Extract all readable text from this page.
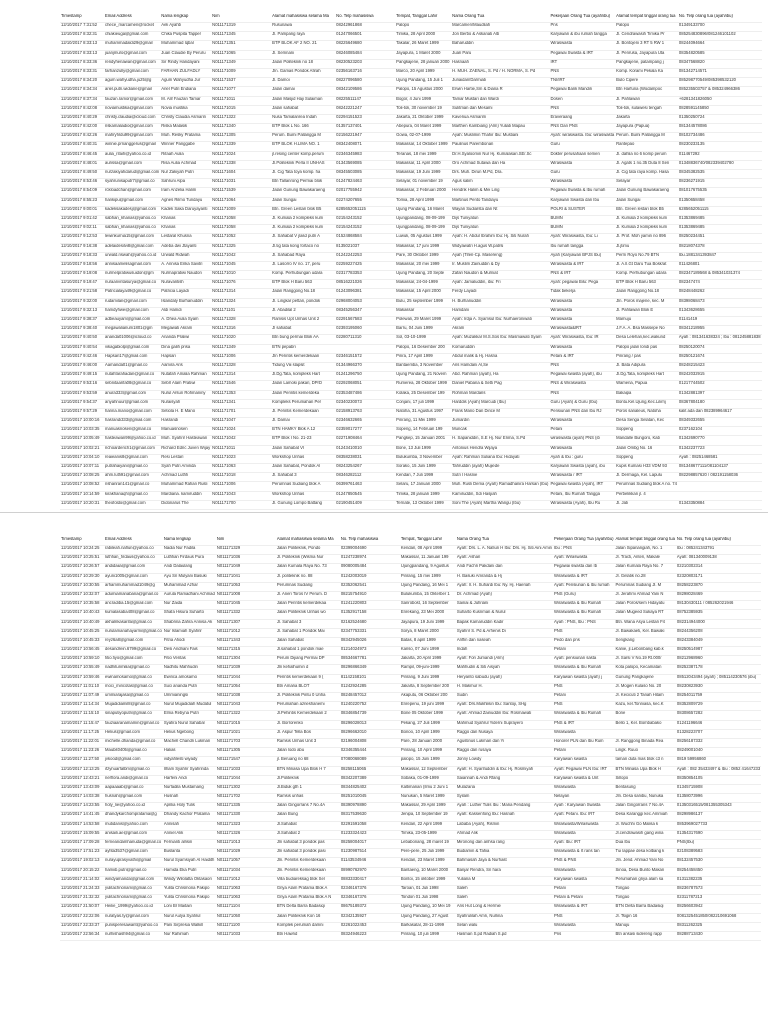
Timestamp	Email Address	Nama lengkap	Nim	Alamat mahasiswa selama Ma	No. Telp mahasiswa	Tempat, Tanggal Lahir	Nama Orang Tua	Pekerjaan Orang Tua (ayah/ibu)	Alamat tempat tinggal orang tua	No. Telp orang tua (ayah/ibu)
12/10/2017 7:31:52	chece_marcamen@rocket	Aeli Ayahb	N011171319	Rusunawa	08242961868	Palopo	Marcamen/Maudliah	Pns	Palopo	01349133700
12/10/2017 8:32:31	chiakieuga@gmail.com	Chika Puspita Tapper	N011171345	Jl. Pampang raya	01247066501	Timika, 28 April 2000	Jon Berbo & Askanati Alb	Karyawan & ibu rumah tangga	Jl. Cendrawasih Timika Pr	085254830896/081246101102
12/10/2017 8:33:13	muhammadaldi29@gmail	Muhammad Iqbal	N011171351	BTP BLOK AF 2 NO. 21	08225649680	Takalar, 26 Maret 1999	Baharuddin	Wiraswasta	Jl. Bontojeni 3 RT 5 RW 1	08244094664
12/10/2017 8:33:13	juanjmuro@gmail.com	Juan Claudie By Peruru	N011171065	Jl. Semnani	08246085484	Jayapura, 1 Maret 2000	Juari Paru	Pegawai Swasta & IRT	Jl. Penrusa, Jayapura Uta	08354820585
12/10/2017 8:33:36	rendyheriawan@gmail.com	Sir Rindy Handayani	N011171349	Jalan Politeknik no 18	08230523203	Pangkajene, 28 januari 2000	Hasnaah	IRT	Pangkajene, patampang j	08347568820
12/10/2017 8:33:31	farhanzully@gmail.com	FARHAN ZULFADLY	N011171009	Jln. Gamas Pondok Afirah	02356163716	Marco, 20 April 1999	H. MUH. ZAENAL, S. Pd / H. NORMA, S. Pd	PNS	Komp. Korami Pekala Ka	081342714571
12/10/2017 8:34:20	agum.wahyudha.ju25@g	Agum Wahyudha Jur	N011171537	Jl. Damoi	08227096580	Ujung Pandang, 15 Juli 1	Junaidan/Darmiati	TNI/IRT	Bulo Cipere	085298770549/085398532120
12/10/2017 8:34:34	ariel.putri.widiane@gmail	Ariel Putri Endiana	N011171077	Jalan damai	08342109586	Palopo, 15 Agustus 2000	Erwin Hartie,Sm & Diana R	Pegawai Bank Mandiri	Btn Harfuna (Wodampoc	085235503757 & 085324966386
12/10/2017 8:37:34	fauzan.ramor@gmail.com	M. Alif Fauzan Tamar	N011171011	Jalan Masjid Haji Sulaiman	08225511147	Bogor, 4 Juni 1999	Tamar Mustari dan Wardi	Dosen	Jl. Pahlawan	+6281341826050
12/10/2017 8:42:08	noviamustika@gmail.com	Novia mustika	N011171015	Jalan sahabat	08242221247	Toli-toli, 30 november 19	Sulitman dan Mesami	PNS	Toli-toli, sulawesi tengah	0828591145850
12/10/2017 8:40:29	christy.claudia@icloud.com	Christy Claudia Asmarin	N011171322	Nusa Tamalanrea Indah	02294151523	Jakarta, 21 Oktober 1999	Kaveriua Asmarim	Eraveraang	Jakarta	01350250724
12/10/2017 8:42:00	riskamaliadio@gmail.com	Riska Malasik	N011171340	BTP Blok L No. 166	01357137401	Abepura, 04 Maret 1999	Marthen Kambiang (Alm) Yuliati Mapau	PNS Dan PNS	Jayapura (Papua)	081344578086
12/10/2017 8:42:26	mahryfirdu99@gmail.com	Muh. Resky Pratama	N011171305	Perum. Bumi Pallangga M	02156221947	Gowa, 02-07-1999	Ayah: Muslimin Thahir Ibu: Mustiani	Ayah: wiraswasta. Ibu: wiraswasta	Perum. Bumi Pallangga M	08102734486
12/10/2017 8:40:31	winnie.prnanggerus@gmail	Winner Panggabe	N011171339	BTP BLOK H.LIMA NO. 1	08342408071	Makassar, 14 Oktober 1999	Paulinus Parembonan	Guru	Rantepao	08230233135
12/10/2017 8:46:45	aulia_rifaih@yahoo.co.id	Rifaah Aulia	N011171024	jl.resing center komp.perum	02346345983	Teranas, 18 mei 1999	Dr.H.Syaloomin Nur Hj. Kumalasari.SE/.Sc	Dokter perusahaan semen	Jl. dahlia no 6 komp perum	011467292
12/10/2017 8:48:01	aurissa@gmail.com	Risa Aulia Achmad	N011171338	Jl.Politeknik Perla II UNHAS	01343569085	Makassar, 11 April 2000	Oro Achmad Sutawa dan Ha	Wiraswasta	Jl. Agats 1 no.35 Duta 8 Sen	01348836740/082339402780
12/10/2017 8:49:50	nurzakiyahdarud@gmail.com	Nur Zakiyah Putri	N011171604	Jl. Cig Tata toya komp. ha	08345503085	Makassar, 19 Juni 1999	Drs. Muh. Dirun M.Pd, Dra.	Guru	Jl. Cig tata raya komp. Hasa	08345382535
12/10/2017 8:53:46	syahrunisaputr7@gmail.co	Sahruni Alpa	N011171031	Btn Tallanrong Permai blok	01247824463	Selayar, 01 november 19	Agus salim	Wiraswasta	Selayar	08236271915
12/10/2017 8:54:09	rckloadchan@gmail.com	Iram Anzelia Halim	N011171539	Jalan Gunung Bawakaraeng	02017755942	Makassar, 2 Februari 2000	Hendrik Halim & Mei Ling	Pegawai Swasta & Ibu rumah	Jalan Gunung Bawakaraeng	081017675535
12/10/2017 8:55:23	hankipu@gmail.com	Agnes Rilmo Tundayu	N011171064	Jalan Sungai	02274207655	Tomia, 28 April 1999	Martinus Pento Tandiayu	Karyawan Swasta dan Ibu	Jalan Sungai	01350658458
12/10/2017 9:00:01	kadeksakadesj@gmail.com	Kadek Saka Daruyayanti	N011171009	Btn. Green Lestari blok B5	6285652051115	Ujung Pandang, 16 Maret	Wayan Sudiarsta dan Nt	POLRI & SUSTER	Btn. Green lestari blok B5	6285652051115
12/10/2017 9:01:42	sabhan_khanas@yahoo.co	Khanas	N011171058	Jl. Kumala 2 kompleks kum	02154243152	Ujungpandang, 08-09-199	Dijs Tuniyatun	BUMN	Jl. Kumala 2 kompleks kum	01353869485
12/10/2017 9:02:11	sabhan_khanas@yahoo.co	Khanas	N011171058	Jl. Kumala 2 kompleks kum	02154243152	Ujungpandang, 08-09-199	Dijs Tuniyatun	BUMN	Jl. Kumala 2 kompleks kum	01353869485
12/10/2017 9:12:53	lewinkurnia15@gmail.com	Lestaral Khusna	N011171052	Jl. Sahabat V jlasd putri A	01524868584	Luwuk, 05 Agustus 1999	Ayah: H. Abdul Ibrahim Ibu: Hj. Siti Nurah	Ayah: Wiraswasta, Ibu: Li	Jl. Prof. Moh yamin no 896	08250234451
12/10/2017 9:16:38	adelaidesilvi8@gmail.com	Adeba dwi Jtayanti	N011171325	Jl.tig tata kong fortaco no	8135021037	Makassar, 17 juni 1999	Widyawatri H.agus W.patrsi	Ibu rumah tangga	Jl.jtimu	08218074378
12/10/2017 9:18:33	urwald.riswah@yahoo.co.id	Urwald Ridwah	N011171042	Jl. Sahabad Raya	01242242253	Pare, 30 Oktober 1999	Ayah (Tiferi-Cp. Masereng)	Ayah (Karyawan BPJS Ibu)	Perm Royo No.79 BTN	Ibu.1881341393847
12/10/2017 9:18:56	annisaamelisagmail.com	A. Annisa Erika Savitri	N011171045	Jl. Lasorro IV no. 17, peru	02259227425	Makassar, 20 mei 1999	Ir. Muslim Zainuddin & Dy	Wiraswasta & IRT	Jl. A.lI.Gt Daru Tua Bosk/at	011426801
12/10/2017 9:19:08	nurmelpratiwusuidon@gm	Nurmapratiwi Naudon	N011171010	Komp. Perhubungan udara	02317783353	Ujung Pandang, 20 Septe	Zafari Naudon & Murniat	PNS & IRT	Komp. Perhubungan udara	082347189568 & 085341031374
12/10/2017 9:19:47	nuraanvntasurya@gmail.co	Nuravantish	N011171076	BTP Blok H Baru 563	08516221026	Makassar, 24-04-1999	Ayah: Jamaluddin, ibu: Fri	Ayah: pegawai Bilu: Pega	BTP Blok H Baru 563	082347474
12/10/2017 9:21:58	Patricialaya49@gmail.co	Patricia Layadi	N011171314	Jalan Ranggong No.18	01243096381	Makassar, 15 April 2000	Ferdy Layadi	Tidak bekerja	Jalan Ranggong No.18	08248448262
12/10/2017 9:32:00	rudamilan@gmail.com	Islandaly Burhanuddin	N011171324	Jl. Lingkar pettan, pondok	02968004053	Bulu, 25 september 1999	H. Burhanuddin	Wiraswasta	Jln. Poros majene, kec. M	08398068473
12/10/2017 9:32:13	hamdyhwe@gmail.com	Aldi Hamdi	N011171101	Jl. Abadilal 2	08345256347	Makassar	Hamdani	Wiraswasta	Jl. Pahlawan Blok E	01343628655
12/10/2017 9:38:37	adbeauyam@gmail.com	A. Dhea Aulia Syam	N011171328	Ramsis Upt Unhas Unit 2	02291567583	Polewali, 29 Maret 1999	Ayah: Irdja A. Syamsul Ibu: Nurhaeroniwati	Wiraswasta	Mamuju	01141419
12/10/2017 9:38:40	megawalianum1801@gm	Megawati Akram	N011171316	Jl sahabat	02393195060	Barru, 04 Juni 1999	Akram	Wiraswasta&IRT	J.F.A. A. Bsa Massepe No	08341218955
12/10/2017 9:40:50	ananda01006@icloud.co	Ananda Praliwi	N011171020	Btn bung permai Blok AA	02280711310	Sol, 03-10-1999	Ayah: Muzakkar M.S.Sos Ibu: Masmawati Syam	Ayah: Wiraswasta, Ibu: IR	Desa Lelehan,kec.wakund	Ayah : 081341638324 ; Ibu : 081245881838
12/10/2017 9:40:54	vikagabiolp@gmail.com	Dina galih prisa	N011171349	BTN pepabri		Palopo, 16 Desember 200	Komaruddin	Wiraswasta	Palopo jalan londi pas	08250120074
12/10/2017 9:42:46	Hapsari17@gmail.com	Hapsari	N011171006	Jln Perintis kemerdekaan	02346151572	Pinra, 17 April 1999	Abdul malik & Hj. Hasna	Petani & IRT	Pinrang / pas	08250121674
12/10/2017 9:46:00	Aamanda01@gmail.co	Aamira Aris	N011171328	Tidung Viii slapsit	01344966370	Bantaemba, 3 November	Aris Hamdani Al,Se	PNS	Jl. Bata Adipura	08248215423
12/10/2017 9:49:15	nutahfarahadan@gmail.co	Nutafah Amalia Rahman	N011171314	Jl.Dg.Tata, kompleks Hart	01241296750	Ujung Pandang, 21 Novem	Abd. Rahman (ayah), Ha	Pegawai swasta (ayah), ibu	Jl.Dg.Tata, kompleks Hart	08242032915
12/10/2017 9:53:16	sebnitaarifa08@gmail.co	Sebrl Alam Pratiwi	N011171546	Jalan Lamoki pakari, DPrD	02292068051	Rumerea, 28 Oktober 1999	Daniel Pabana & Setti Pag	PNS & Wiraswasta	Wamena, Papua	01217744502
12/10/2017 9:53:59	anura333@gmail.com	Nurul Arsun Rohmaniny	N011171353	Jalan Perintis kemerdeka	02353487486	Kolaka, 25 Desember 199	Rohman Mardaris	PNS	Bakaipa	01342881397
12/10/2017 9:54:37	anyahnuur@gmail.com	Nuraisyah	N011171341	Kompleks Perumahan Per	02340230073	Conjani, 17 juli 1999	Harddis (Ayah) Marcudi (Ibu)	Guru (Ayah) & Guru (Ibu)	Bontu.Kel.Ujung,Kec.Lilirrij	08367804180
12/10/2017 9:57:29	hanna.mano@gmail.com	Setiola H. E Mano	N011171701	Jl. Perintis Kemerdekaan	02158913763	Natoha, 31 Agustus 1997	Frans Mano Dan Dince M	Pensiunan PNS dan Ibu RJ	Poros sanaleus, Natoha	kalit ada dan 082389964617
12/10/2017 10:00:16	hasrandi333@gmail.com	Hasrandi	N011171047	Jl. Damai	02346632665	Pinrang, 11 Mei 1999	Jumardin	Wiraswasta	Desa Senga Selatan, Kec	08349332655
12/10/2017 10:03:35	manuasnosen@gmail.co	Manuasnosen	N011171024	BTN HAMKY Blok A 12	02359017277	Sopeng, 14 Februari 199	Muncak	Petani	Soppeng	0237162104
12/10/2017 10:05:49	hasteawan99@yahoo.co.id	Muh. Syahrir Hasteawan	N011171042	BTP Blok I No. 21-23	02271908464	Pangkep, 15 Januari 2001	H. Sapaniddin, S.E Hj. Nur Erima, S.Pd	wiraswasta (ayah) PNS (ib	Mandalle Bungoro, Kab	01342690770
12/10/2017 10:02:21	richoarderich1@gmail.com	Richard Edric Juven Wijay	N011171011	Jalan Sahabat VI	01243410010	Bone, 13 Juli 1999	Antonius Hendra Wijaya	Wiraswasta	Jalan Ombg No. 16	01342237723
12/10/2017 10:04:10	reaieanis8@gmail.com	Resi Lestari	N011171023	Workshop Unhas	08358238031	Bulukumba, 3 November	Ayah: Rahman Suliana Ibu: Hidayati	Ayah & Ibu : guru	Soppeng	Ayah : 08251468581
12/10/2017 10:07:11	putrahaiyani@gmail.co	Syah Putri Aminda	N011171063	Jalan Sahabat, Pondok Al	08243254267	Sorako, 15 Juni 1999	Tahruddin (ayah) Mujiede	Karyawan Swasta (ayah), ibu	Kupis Kumasi H33 VDM 93	081348677111/081104137
12/10/2017 10:08:25	ahm.lutfi91@gmail.com	Achmad Luthfi	N011171018	Jl. Sahabat 3	08346282112	Kendari, 7 Juli 1999	Sutri I Hasnie	Wiraswasta / IRT	Jl. Dermaga, Kel. Lapulu	082298857620 / 082191158036
12/10/2017 10:08:52	nshanran141@gmail.co	Muhammad Rahan Rusli	N011171006	Perumnas Sudiang blok A	06399761463	Selaru, 17 Januari 2000	Muh. Rusli Dema (Ayah) Ramadhanira Harsan (Ibu)	Pegawai swasta (Ayah), IRT	Perumnas Sudiang blok A no. 74	
12/10/2017 10:14:59	kirakhanaqh@gmail.co	Mardiana. kamiruddin	N011171043	Workshop Unhas	01247850545	Timika, 28 januari 1999	Kamiruddin, Sdi Hasjiah	Petani, Ibu Rumah Tangga	Perbelikkan jl. 4	
12/10/2017 10:20:31	theofoldo@gmail.com	Didonarus The	N011171700	Jl. Gunung Lompo Battang	02190451409	Ternate, 13 Oktober 1999	Soni The (Ayah) Martha Wangu (Ibu)	Wiraswasta (Ayah), Ibu Ru	Jl. Jati	01343350884
Timestamp	Email Address	Nama lengkap	Nim	Alamat mahasiswa selama Ma	No. Telp mahasiswa	Tempat, Tanggal Lahir	Nama Orang Tua	Pekerjaan Orang Tua (ayah/ibu)	Alamat tempat tinggal orang tua	No. Telp orang tua (ayah/ibu)
12/10/2017 10:24:25	rabileah.naflun@yahoo.co	Nadia Nur Fadila	N011171329	Jalan Politeknik, Pondo	02399004690	Kendari, 08 April 1999	Ayah: Drs. L. A. Nafiun H Ibu: Drs. Hj. Siti Aini Amin	Ibu : PNS	Jalan Sipanangiah, No. 1	Ibu : 085241343791
12/10/2017 10:25:51	luthfian_firdaus@yahoo.co	Luthfian Firdaus Pura	N011171036	Jl. Politeknik (Wisma Nur	01247238974	Makassar, 11 Januari 199	Ayah: Ashari	Ayah: Wiraswasta	Jl. Tracti, Anteri, Makale	Ayah: 081340009138
12/10/2017 10:26:57	andidaiia@gmail.com	Andi Dalaulang	N011171049	Jalan Kumala Raya No. 73	09080005484	Ujungpandang, 9 Agustus	Andi Fachri Pakdani dan	Pegawai swasta dan Ib	Jalan Kumala Raya No. 7	02210302314
12/10/2017 10:29:30	ayuni1005@gmail.com	Ayu Sri Mulyani Basuki	N011171041	Jl. politeknik no. 88	01242003019	Pinrang, 15 mei 1999	H. Basuki Amranda & Hj	Wiraswasta & IRT	Jl. Gelatik no.28	02320803171
12/10/2017 10:30:55	arhammuhammad1049@g	Muhammad Azhar	N011171053	Perumnas Sudiang	02352062541	Ujung Pandang, 16 Mei 1	Ayah: Ir. H. Suhardi Ibu: Ny. Hj. Haeriah	Ayah: Pensiunan & Ibu rumah	Perumnas Sudiang Jl. M	08258223870
12/10/2017 10:32:07	adumiamanabana@gmail.co	Aurula Ramadhani Achmad	N011171008	Jl. Aneri Toros IV Perum. D	08215754910	Bulukumba, 15 Okterber 1	Dr. Achmad (Ayah)	PNS (Guru)	Jl. Jerahmi Ahmad Yani N	08298028469
12/10/2017 10:35:58	ancradiba.15@gmail.com	Nur Zaida	N011171045	Jalan Perintis kemerdekaa	01241220803	Sanrobost, 16 September	Sainai & Juhriani	Wiraswasta & Ibu Rumah	Jalan Poros/sem Hidayatu	08130430111 / 085262021946
12/10/2017 10:40:43	kumalasaba408@gmail.co	Shafa Hisura Suharto	N011171332	Jalan Politeknik Unhas wo	01352917158	Enrekang, 23 Mei 2000	Suharto Kusnman & Nurul	Wiraswasta & Ibu Rumah	Jalan Mugeed Sukaya RT	08752385935
12/10/2017 10:40:49	akhalrikasarifa@gmail.co	Shabrina Zahra Annisa Ak	N011171307	Jl. Sahabat 3	02162524680	Jayapura, 19 Juni 1999	Bapak Kamaruddin Kadir	Ayah : PNS, Ibu : PNS	Btn. Wana Asya Lestari Fit	082314944000
12/10/2017 10:45:25	nurulamanahayarmi@gmail.co	Nur Islamiah Syahrir	N011171012	Jl. Sahabat 1 Pondok Mai	02347753331	Sorya, 8 Maret 2000	Syahrir S. Pd & Arhenis Di	PNS	Jl. Bawakaeti, Kel. Bawaki	08244356208
12/10/2017 10:45:33	reyz6a8@gmail.com	Fitria Afiodi	N011171343	Jalan Sahabat	08342945026	Batas, 8 april 1999	Ariffin dan naseah	Pedo dan pns	Sengkang	08243384049
12/10/2017 10:56:45	desandrein.6799@gmail.co	Desi Andriani Fais	N011171315	Jl.sahabat 1 pondok mae	01214024973	Kariso, 07 Juni 1999	Indah	Petani	Kanie, jl.Lebonbang kab.k	08250514987
12/10/2017 10:59:10	fitio.fiyo@gmail.com	Fitio Veritas	N011171304	Perum Dijiang Permai DP	08534667781	Jakarta, 20 April 1999	Ayah: Fori Jumandi (Alm)	Ayah: pensiunan sasta	Jl. Sarsi V No.19 Rt.000/	08212968960
12/10/2017 10:55:49	nadhitunmilia@gmail.co	Nadhitu Mahhudin	N011171039	Jln kehalhumin d	08296866349	Rampil, 09-juni-1999	Mahhudin & Siti Aisyah	Wiraswasta & Ibu Rumah	Kota palopo, Kecamatan	08252387178
12/10/2017 10:59:46	ewinamosamo@gmail.co	Ewinca amosamo	N011171044	Perintis kemerdekaan 9 (	81142158101	Pinrang, 9 Juni 1999	Heryanto sabudu (ayah)	Karyawan swasta (ayah) j	Gunung Pangkajene	08512043494 (ayah) ; 085114230576 (ibu)
12/10/2017 11:01:10	moci_mincotas@gmail.co	Suci ananda Putri	N011171054	Btn Amaria BLOT	01242924285	Jakarta, 8 September 200	H. Makmur H.	PNS	Jl. Mogen Kulaso No. 20	08230823930
12/10/2017 11:07:49	ummiarajasa@gmail.co	Ummianingsi	N011171038	Jl. Politeknik Pintu 0 Unha	08248457012	Akaputu, 06 Oktober 200	Sudin	Petani	Jl. Kecicuti 2 Tanah Hitam	08254011759
12/10/2017 11:14:34	Mujadidiamil8@gmail.co	Nurul Mujadidiah Mudatul	N011171043	Perumahan azrieshanemi	01240220752	Enrepenu, 19 juni 1999	Ayah: Drs.Mukhlisin Ibu: Santoji, SHg	PNS	Kazu, kel.Tonniasa, kec.K	08352809729
12/10/2017 11:15:10	sinaputiyoputri@gmail.co	Elma Rebyna Putri	N011171322	Jl.Pehintis Kemerdekaan 2	08346854739	Bone 05 Oktober 1999	Ayah: Ahmad Zainuddin Ibu: Rosmawati	Wiraswasta & Ibu Rumah	Bone	08308657282
12/10/2017 11:15:47	fauziaaranamamin@gmail.co	Syafira Nurul Sahabal	N011171015	Jl. Borrorenko	08296028013	Pekang, 27 Juli 1999	Mahmud Syahrul Yiderni Suprayero	PNS & IRT	Bello 1, Kel. Bombabako	01241196646
12/10/2017 11:17:25	Helius@gmail.com	Helius Ngebong	N011171021	Jl. Aspur Tella Bos	08296662010	Bonoo, 10 April 1999	Raggo dan Nusaya	Wiraswasta		01328223707
12/10/2017 11:22:01	michelle.dhanda@gmail.co	Machell Chandri Lukman	N011171703	Ramsis Unhas Unit 3	02196004808	Pare, 28 Januari 2000	Agustinus Lukman dan Yi	Honorer PLN dan Ibu Rum	Jl. Ranggong Binada Rea	08256187332
12/10/2017 11:23:26	Maubit0405@gmail.co	Halias	N011171305	Jalan lodo abu	02346355444	Pinrang, 10 April 1999	Raggo dan rusaya	Petani	Lingk. Ruuo	08249001040
12/10/2017 11:27:50	jvkood@gmail.com	vidyahlesti wiyady	N011171547	jl. Beruang no 68	07080068089	palopo, 15 Juni 1999	Jonny Lowdy	Karyawan swasta	taman duta mas blok c3 n	0819 59956860
12/10/2017 12:13:25	ifzynuarfalbm@gmail.co	Ilham Syahrir Syahrinda	N011171033	BTN Minasa Upa Blok H 7	08258115065	Makassar, 12 September	Ayah: H. Syarifuddin & Ibu: Hj. Rosmiyah	Ayah: Pegawai PLN Ibu: IRT	BTN Minasa Upa Blok H	Ayah : 082 35433497 & Ibu : 0852 41647233
12/10/2017 12:43:21	nerflora.andi@gmail.co	Harfeni Andi	N011171044	Jl.Politeknik	08342207389	Sobaka, 01-09-1999	Saiannah & Andi Rfang	Karyawan swasta & Unt	Sillopo	08350854105
12/10/2017 13:43:09	aapaaaab@gmail.co	Nurfadila Mustamang	N011171302	Jl.Biduk gth 1	08344825402	Kaltimanan (Ilmu 2 Juni 1	Mulazaria	Wiraswasta	Bentasung	01345715908
12/10/2017 14:03:38	husnah@gmail.com	Husnah	N011171702	Ramsis unhas	08251010045	Nunukan, 5 Maret 1999	Syilam	Nelayan	Jln. Desa sariibu, Nunuka	01358073996
12/10/2017 14:23:55	holy_lie@yahoo.co.id	Aprilia Holy Tulis	N011171335	Jalan Gingorrans 7 No.4A	08390978890	Makassar, 29 April 1999	Ayah : Luther Tulis Ibu : Maria Pendang	Ayah : Karyawan Swasta	Jalan Gingorrans 7 No.4A	01350316515/081355305343
12/10/2017 14:41:45	dhandykarchompratama@g	Dhandy Kachor Pratama	N011171330	Jalan Bung	08317539630	Jenipa, 10 September 19	Ayah: Kassenfong Ibu: Hasnah	Ayah: Petani. Ibu: IRT	Desa Karanggi kec.Ammiah	08298986137
12/10/2017 14:53:58	mutidanis@yahoo.com	Annisah	N011171323	Jl.Sahabat	02291591058	Kendari, 22 April 1999	Lababa (Ayah), Rismin	Wiraswasta/Wiraswasta	Jl. Wuchhi Go Malisa k	0853969027733
12/10/2017 15:09:55	anisaili.ae@gmail.com	Anniel Alik	N011171326	Jl.Sahabat 2	01233324423	Timika, 23-05-1999	Ahmad Alik	Wiraswasta	Jl.cendrawasih gang wina	01354317690
12/10/2017 17:09:28	ferneandamhanuda@gmail.co	Fernianti alrisin	N011171013	Jln sahabat 3 pondok pas	08258004017	Lebabonang, 28 maret 19	Mironong dan anhsa rang	Ayah: Ibu: IRT	Dua Ibu	PNS(Ibu)
12/10/2017 17:51:23	ayfita3537@gmail.com	Buslanta	N011171029	Jln sahabat 3 pondok pasi	01230987514	Pere-pere, 25 Juli 1999	Budiamin & Tahia	Wiraswasta & rt rans tan	Tui lappae desa kolbang k	02108389583
12/10/2017 19:02:13	nurayuprasyvathi@gmail	Nurul Syamsiyah Al Haidith	N011171057	Jln. Perintis Kemerdekaan	01143534946	Kendari, 23 Maret 1999	Bahmasah Jaya & Nurhast	PNS & PNS	Jln. Jend. Ahmad Yani No	08132457530
12/10/2017 20:15:22	hamiib.putri@gmail.co	Hamida Eka Putri	N011171034	Jln. Perintis Kemerdekaan	08990762970	Bantaeng, 10 Maret 2000	Banjar Rendra, Sri hara	Wiraswasta	Sinoa, Desa Bunto Makan	08254458450
12/10/2017 21:14:02	windyamanda@gmail.com	Windy Wilolatta Oktasaori	N011171012	Villa budiareksag blok Sel	08833330417	Bontoi, 15 oktober 1999	Yuliana M	Karyawan swasta	Perumahan griya alam sa	01311382235
12/10/2017 21:24:33	yulitachnonam@gmail.co	Yulita Chrismona Pakipo	N011171063	Griya Alam Pratama Blok A	02346167376	Taroan, 01 Juli 1998	Saleh	Petani	Tongao	08236787573
12/10/2017 21:32:32	yulitachnonam@gmail.co	Yulita Chrismona Pakipo	N011171063	Griya Alam Pratama Blok A N	02346167376	Tondon 01 Juli 1998	Saleh	Petani & Petani	Tongao	02311787213
12/10/2017 21:50:07	Heilie_1999@yahoo.co.id	Loni Br Maitain	N011171104	BTN Delta Barra Badasiqi	08675189372	Ujung Pandang, 10 Mei 19	Aris Hut Long & Hermie	Wiraswasta & IRT	BTN Delta Barra Badasiqi	08256603942
12/10/2017 22:22:06	nuratyas.ty@gmail.com	Nurul Aulya Syafirul	N011171050	Jalan Politeknik Kon 16	02342135927	Ujung Pandang, 27 Agust	Syahrulilah Amri, Nurlina	PNS	Jl. Tsigin 16	0081325451850/082210691068
12/10/2017 22:33:37	punisperesawarit@yahoo.co	Pani Sirpresia Walkill	N011171100	Komplek perumah damni	02261022453	Barkasatal, 28-11-1999	Selan walu	Wiraswasta	Manuju	08311262325
12/10/2017 22:56:34	nurhishash94@gmail.co	Nur Rahimah	N011171033	Btn Hawrid	08324946223	Pinrang, 10 juli 1999	Hasman S.pd Radiah S.pd	Pns	Btn ansasi sidereng rapp	08288713430
